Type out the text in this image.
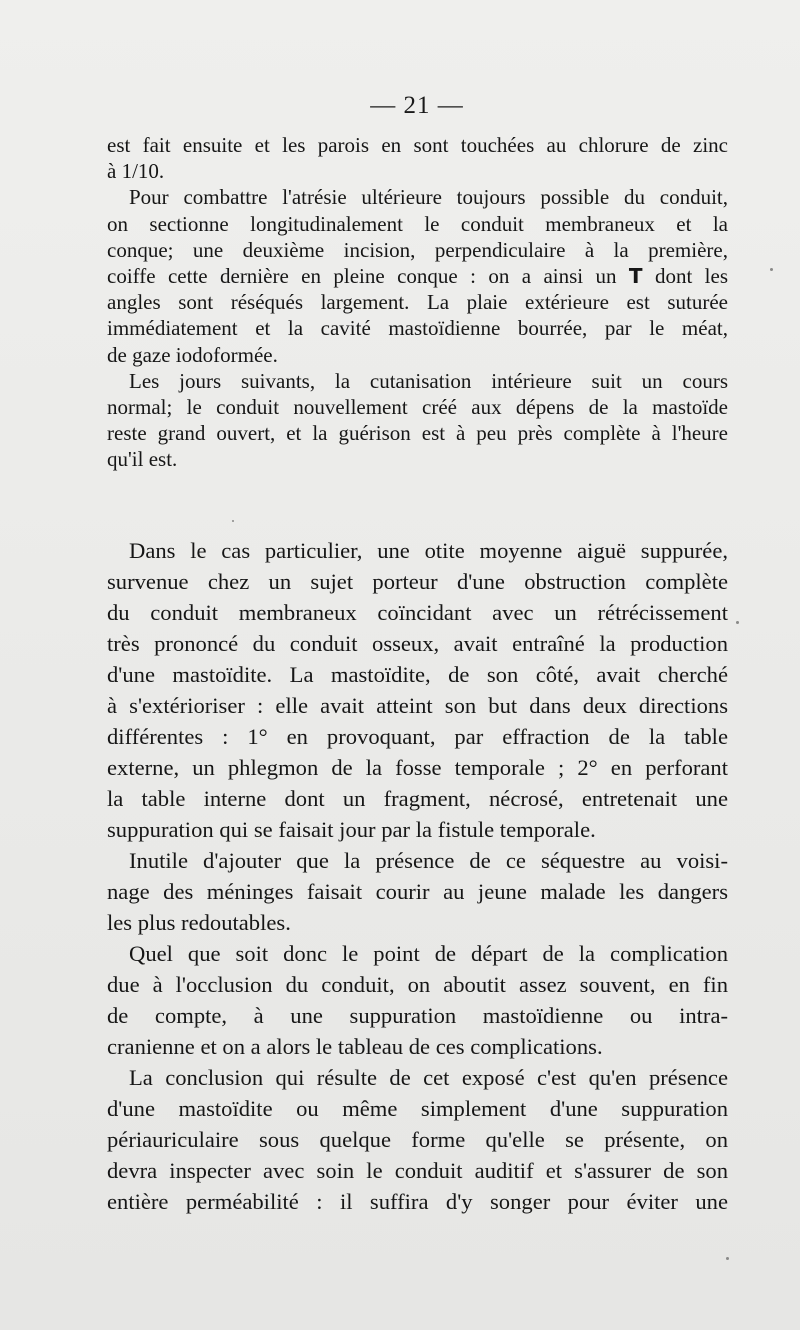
— 21 —

est fait ensuite et les parois en sont touchées au chlorure de zinc
à 1/10.

Pour combattre l'atrésie ultérieure toujours possible du conduit,
on sectionne longitudinalement le conduit membraneux et la
conque; une deuxième incision, perpendiculaire à la première,
coiffe cette dernière en pleine conque : on a ainsi un T dont les
angles sont réséqués largement. La plaie extérieure est suturée
immédiatement et la cavité mastoïdienne bourrée, par le méat,
de gaze iodoformée.

Les jours suivants, la cutanisation intérieure suit un cours
normal; le conduit nouvellement créé aux dépens de la mastoïde
reste grand ouvert, et la guérison est à peu près complète à l'heure
qu'il est.

Dans le cas particulier, une otite moyenne aiguë suppurée,
survenue chez un sujet porteur d'une obstruction complète
du conduit membraneux coïncidant avec un rétrécissement
très prononcé du conduit osseux, avait entraîné la production
d'une mastoïdite. La mastoïdite, de son côté, avait cherché
à s'extérioriser : elle avait atteint son but dans deux directions
différentes : 1° en provoquant, par effraction de la table
externe, un phlegmon de la fosse temporale ; 2° en perforant
la table interne dont un fragment, nécrosé, entretenait une
suppuration qui se faisait jour par la fistule temporale.

Inutile d'ajouter que la présence de ce séquestre au voisi-
nage des méninges faisait courir au jeune malade les dangers
les plus redoutables.

Quel que soit donc le point de départ de la complication
due à l'occlusion du conduit, on aboutit assez souvent, en fin
de compte, à une suppuration mastoïdienne ou intra-
cranienne et on a alors le tableau de ces complications.

La conclusion qui résulte de cet exposé c'est qu'en présence
d'une mastoïdite ou même simplement d'une suppuration
périauriculaire sous quelque forme qu'elle se présente, on
devra inspecter avec soin le conduit auditif et s'assurer de son
entière perméabilité : il suffira d'y songer pour éviter une
